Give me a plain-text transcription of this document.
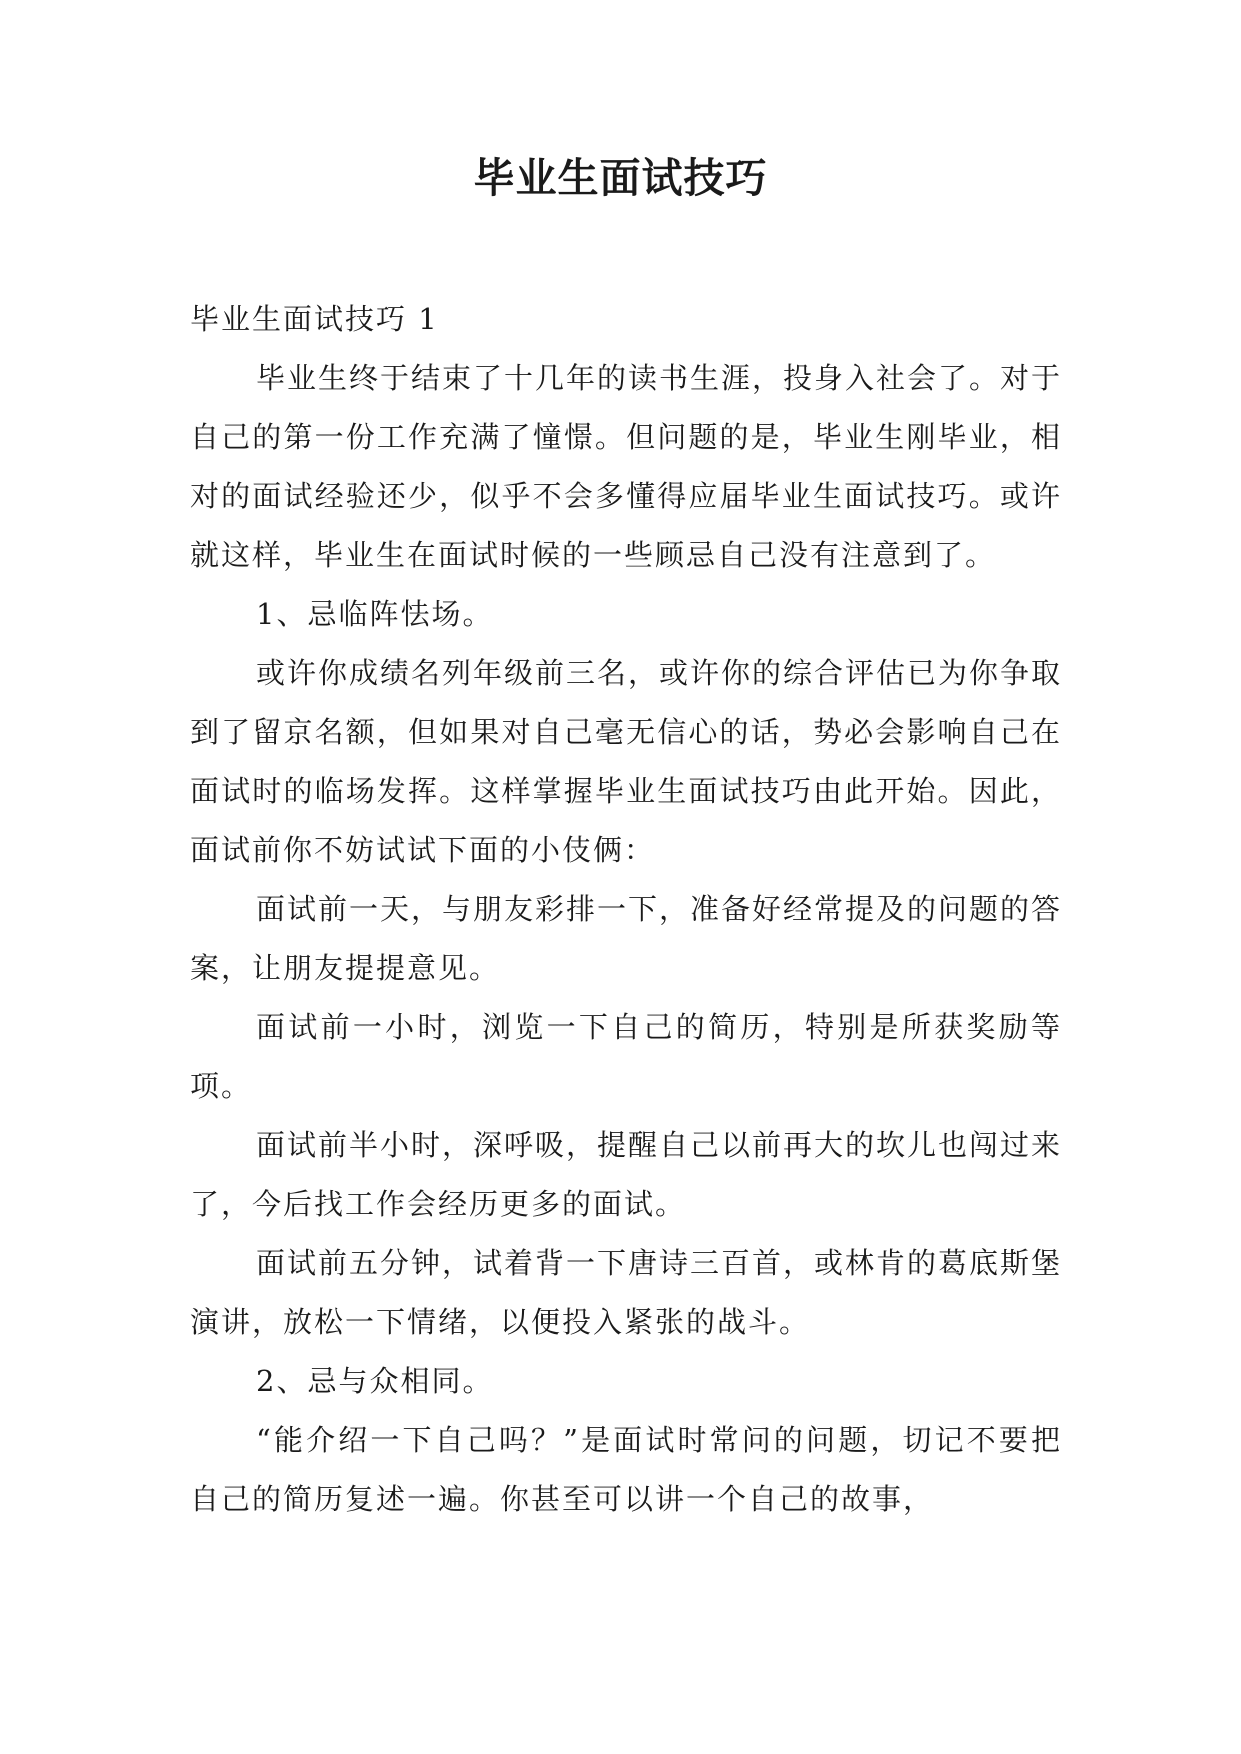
毕业生面试技巧

毕业生面试技巧 1

毕业生终于结束了十几年的读书生涯，投身入社会了。对于自己的第一份工作充满了憧憬。但问题的是，毕业生刚毕业，相对的面试经验还少，似乎不会多懂得应届毕业生面试技巧。或许就这样，毕业生在面试时候的一些顾忌自己没有注意到了。

1、忌临阵怯场。

或许你成绩名列年级前三名，或许你的综合评估已为你争取到了留京名额，但如果对自己毫无信心的话，势必会影响自己在面试时的临场发挥。这样掌握毕业生面试技巧由此开始。因此，面试前你不妨试试下面的小伎俩：

面试前一天，与朋友彩排一下，准备好经常提及的问题的答案，让朋友提提意见。

面试前一小时，浏览一下自己的简历，特别是所获奖励等项。

面试前半小时，深呼吸，提醒自己以前再大的坎儿也闯过来了，今后找工作会经历更多的面试。

面试前五分钟，试着背一下唐诗三百首，或林肯的葛底斯堡演讲，放松一下情绪，以便投入紧张的战斗。

2、忌与众相同。

“能介绍一下自己吗？”是面试时常问的问题，切记不要把自己的简历复述一遍。你甚至可以讲一个自己的故事，
